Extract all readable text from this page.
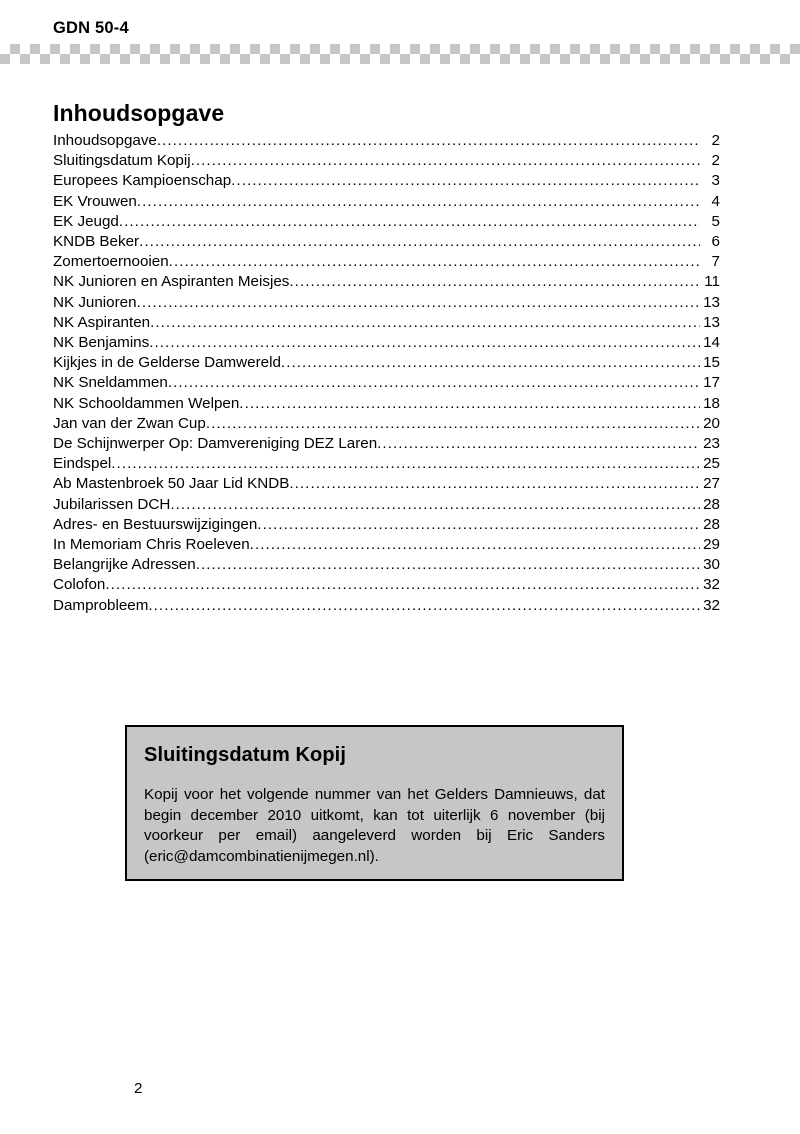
GDN 50-4
Inhoudsopgave
Inhoudsopgave .....	2
Sluitingsdatum Kopij .....	2
Europees Kampioenschap .....	3
EK Vrouwen .....	4
EK Jeugd .....	5
KNDB Beker .....	6
Zomertoernooien .....	7
NK Junioren en Aspiranten Meisjes .....	11
NK Junioren .....	13
NK Aspiranten .....	13
NK Benjamins .....	14
Kijkjes in de Gelderse Damwereld .....	15
NK Sneldammen .....	17
NK Schooldammen Welpen .....	18
Jan van der Zwan Cup .....	20
De Schijnwerper Op: Damvereniging DEZ Laren .....	23
Eindspel .....	25
Ab Mastenbroek 50 Jaar Lid KNDB .....	27
Jubilarissen DCH .....	28
Adres- en Bestuurswijzigingen .....	28
In Memoriam Chris Roeleven .....	29
Belangrijke Adressen .....	30
Colofon .....	32
Damprobleem .....	32
Sluitingsdatum Kopij

Kopij voor het volgende nummer van het Gelders Damnieuws, dat begin december 2010 uitkomt, kan tot uiterlijk 6 november (bij voorkeur per email) aangeleverd worden bij Eric Sanders (eric@damcombinatienijmegen.nl).

2
